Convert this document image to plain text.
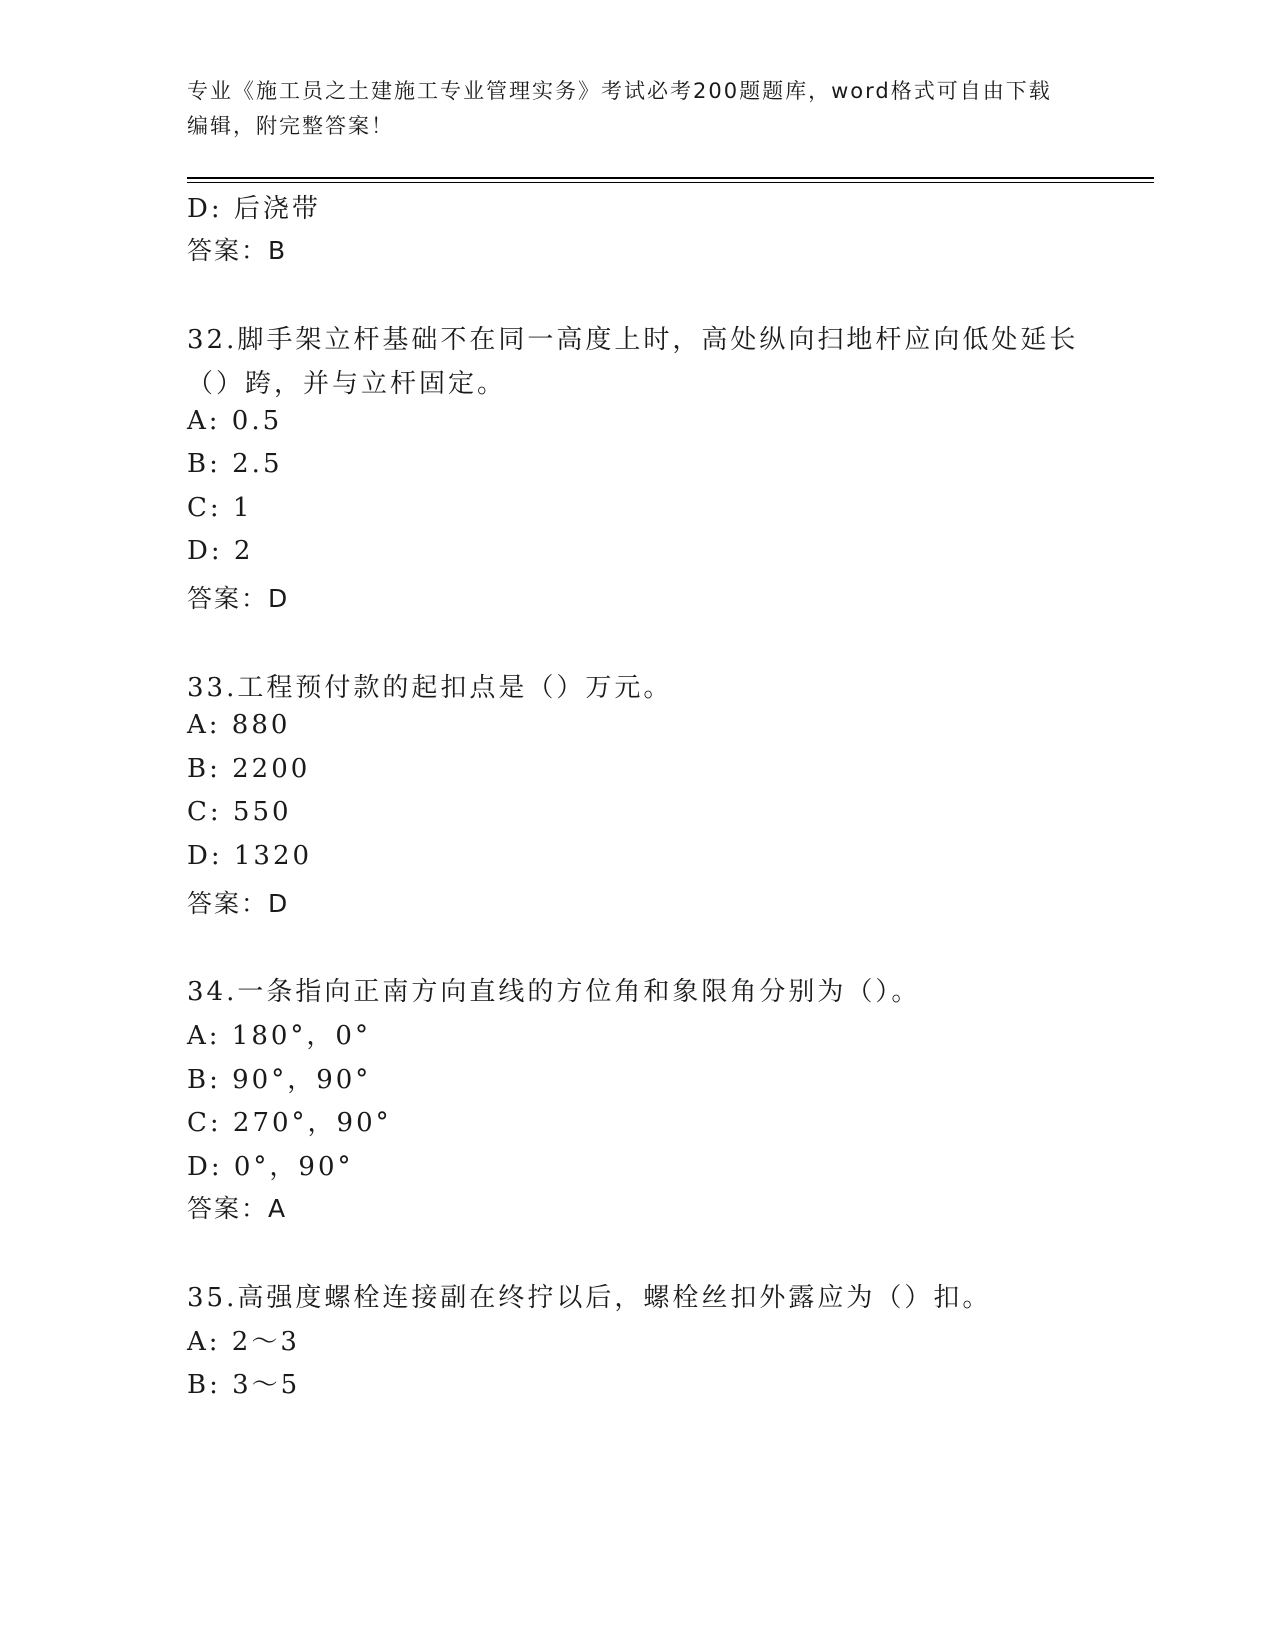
专业《施工员之土建施工专业管理实务》考试必考200题题库，word格式可自由下载编辑，附完整答案！
D: 后浇带
答案：B
32.脚手架立杆基础不在同一高度上时，高处纵向扫地杆应向低处延长
（）跨，并与立杆固定。
A: 0.5
B: 2.5
C: 1
D: 2
答案：D
33.工程预付款的起扣点是（）万元。
A: 880
B: 2200
C: 550
D: 1320
答案：D
34.一条指向正南方向直线的方位角和象限角分别为（）。
A: 180°，0°
B: 90°，90°
C: 270°，90°
D: 0°，90°
答案：A
35.高强度螺栓连接副在终拧以后，螺栓丝扣外露应为（）扣。
A: 2～3
B: 3～5
